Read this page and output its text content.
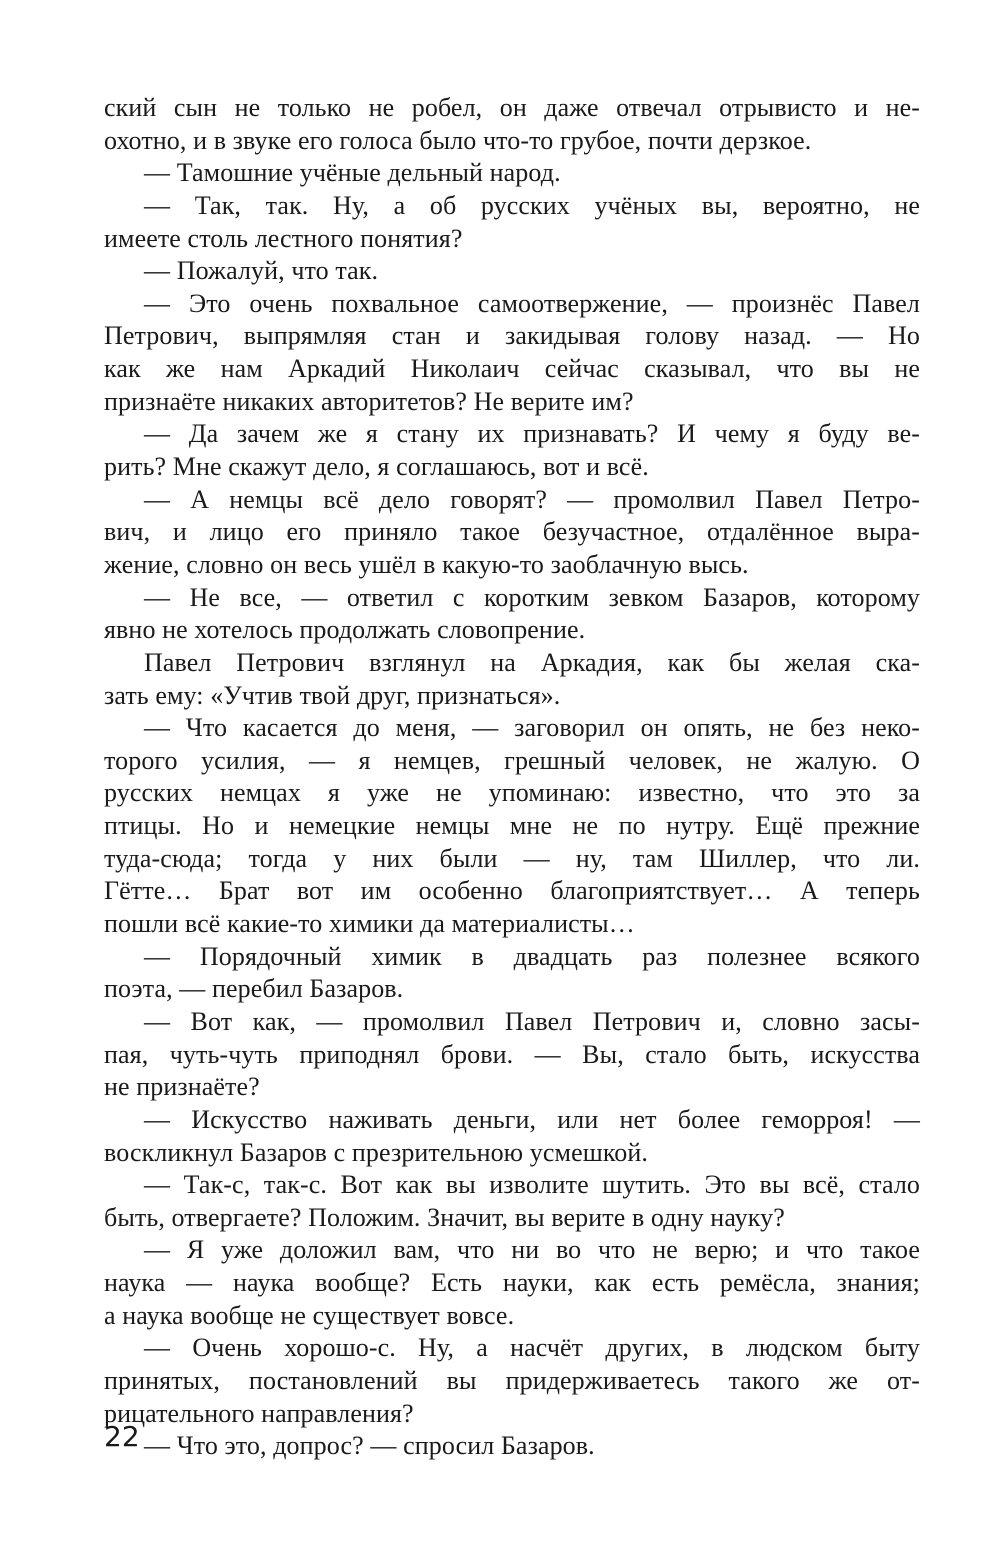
ский сын не только не робел, он даже отвечал отрывисто и не-
охотно, и в звуке его голоса было что-то грубое, почти дерзкое.

— Тамошние учёные дельный народ.

— Так, так. Ну, а об русских учёных вы, вероятно, не
имеете столь лестного понятия?

— Пожалуй, что так.

— Это очень похвальное самоотвержение, — произнёс Павел
Петрович, выпрямляя стан и закидывая голову назад. — Но
как же нам Аркадий Николаич сейчас сказывал, что вы не
признаёте никаких авторитетов? Не верите им?

— Да зачем же я стану их признавать? И чему я буду ве-
рить? Мне скажут дело, я соглашаюсь, вот и всё.

— А немцы всё дело говорят? — промолвил Павел Петро-
вич, и лицо его приняло такое безучастное, отдалённое выра-
жение, словно он весь ушёл в какую-то заоблачную высь.

— Не все, — ответил с коротким зевком Базаров, которому
явно не хотелось продолжать словопрение.

Павел Петрович взглянул на Аркадия, как бы желая ска-
зать ему: «Учтив твой друг, признаться».

— Что касается до меня, — заговорил он опять, не без неко-
торого усилия, — я немцев, грешный человек, не жалую. О
русских немцах я уже не упоминаю: известно, что это за
птицы. Но и немецкие немцы мне не по нутру. Ещё прежние
туда-сюда; тогда у них были — ну, там Шиллер, что ли.
Гётте… Брат вот им особенно благоприятствует… А теперь
пошли всё какие-то химики да материалисты…

— Порядочный химик в двадцать раз полезнее всякого
поэта, — перебил Базаров.

— Вот как, — промолвил Павел Петрович и, словно засы-
пая, чуть-чуть приподнял брови. — Вы, стало быть, искусства
не признаёте?

— Искусство наживать деньги, или нет более геморроя! —
воскликнул Базаров с презрительною усмешкой.

— Так-с, так-с. Вот как вы изволите шутить. Это вы всё, стало
быть, отвергаете? Положим. Значит, вы верите в одну науку?

— Я уже доложил вам, что ни во что не верю; и что такое
наука — наука вообще? Есть науки, как есть ремёсла, знания;
а наука вообще не существует вовсе.

— Очень хорошо-с. Ну, а насчёт других, в людском быту
принятых, постановлений вы придерживаетесь такого же от-
рицательного направления?

— Что это, допрос? — спросил Базаров.

22
